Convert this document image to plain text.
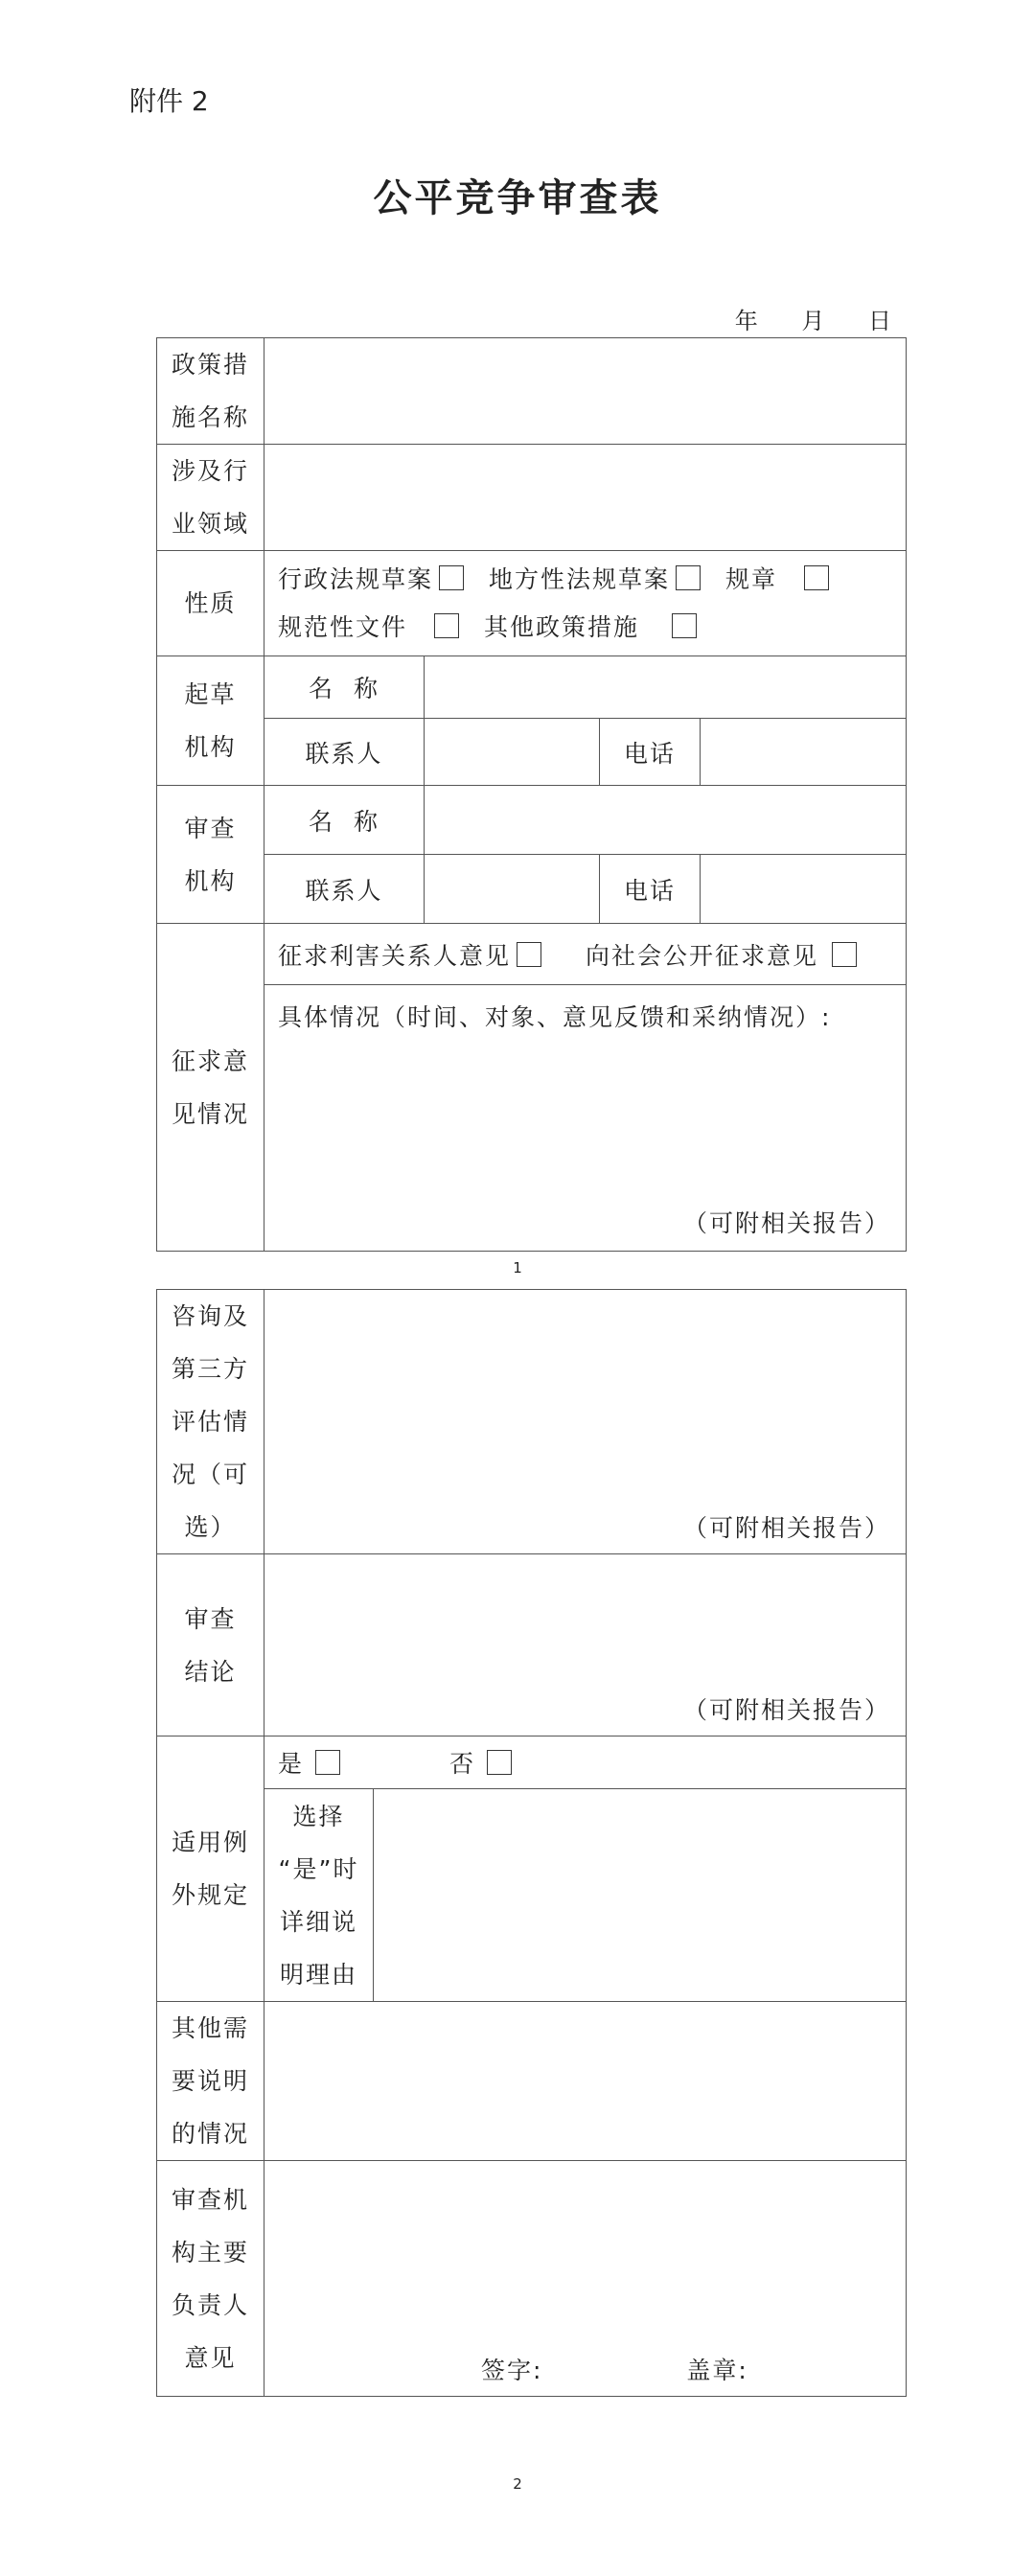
附件 2
公平竞争审查表
年 月 日
政策措
施名称				

涉及行
业领域				

性质	行政法规草案 地方性法规草案 规章
规范性文件 其他政策措施			

起草
机构	名  称			
	联系人		电话	

审查
机构	名  称			
	联系人		电话	

征求意
见情况	征求利害关系人意见 向社会公开征求意见			

	具体情况（时间、对象、意见反馈和采纳情况）:
（可附相关报告）			
1
咨询及
第三方
评估情
况（可
选）	（可附相关报告）	

审查
结论	（可附相关报告）	

适用例
外规定	是 否	

	选择
“是”时
详细说
明理由	

其他需
要说明
的情况		

审查机
构主要
负责人
意见	签字: 盖章:	
2
